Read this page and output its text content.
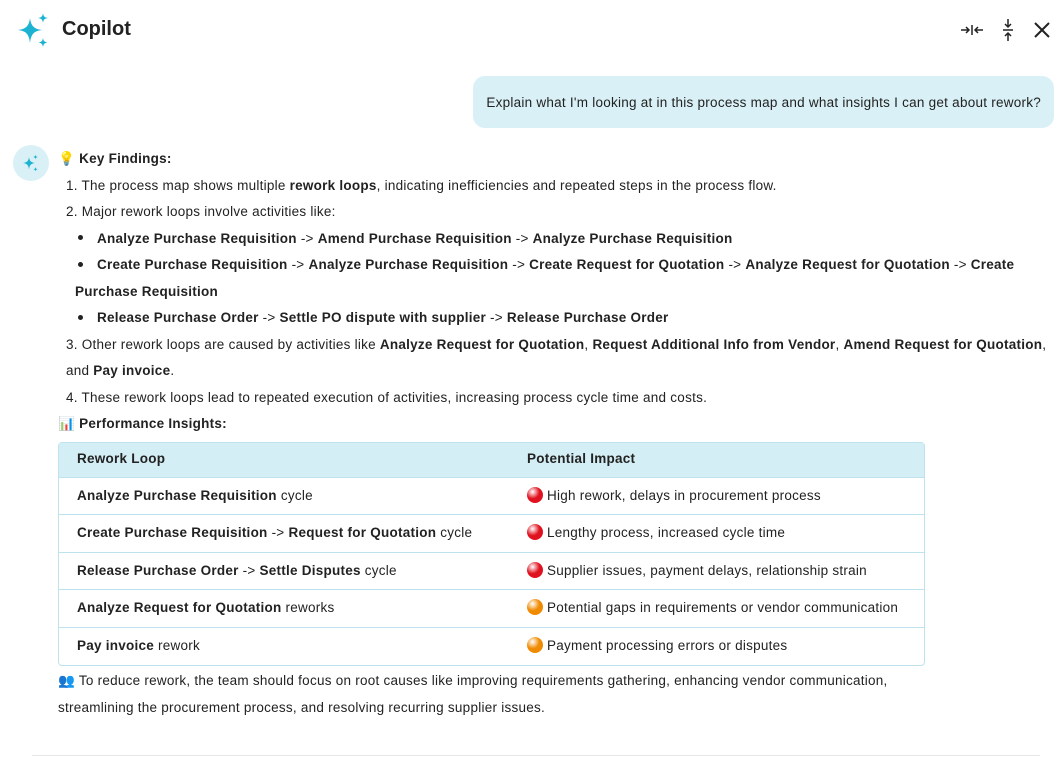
Copilot
Explain what I'm looking at in this process map and what insights I can get about rework?
💡 Key Findings:
1. The process map shows multiple rework loops, indicating inefficiencies and repeated steps in the process flow.
2. Major rework loops involve activities like:
Analyze Purchase Requisition -> Amend Purchase Requisition -> Analyze Purchase Requisition
Create Purchase Requisition -> Analyze Purchase Requisition -> Create Request for Quotation -> Analyze Request for Quotation -> Create Purchase Requisition
Release Purchase Order -> Settle PO dispute with supplier -> Release Purchase Order
3. Other rework loops are caused by activities like Analyze Request for Quotation, Request Additional Info from Vendor, Amend Request for Quotation, and Pay invoice.
4. These rework loops lead to repeated execution of activities, increasing process cycle time and costs.
📊 Performance Insights:
Rework Loop	Potential Impact
Analyze Purchase Requisition cycle	High rework, delays in procurement process
Create Purchase Requisition -> Request for Quotation cycle	Lengthy process, increased cycle time
Release Purchase Order -> Settle Disputes cycle	Supplier issues, payment delays, relationship strain
Analyze Request for Quotation reworks	Potential gaps in requirements or vendor communication
Pay invoice rework	Payment processing errors or disputes
👥 To reduce rework, the team should focus on root causes like improving requirements gathering, enhancing vendor communication, streamlining the procurement process, and resolving recurring supplier issues.
